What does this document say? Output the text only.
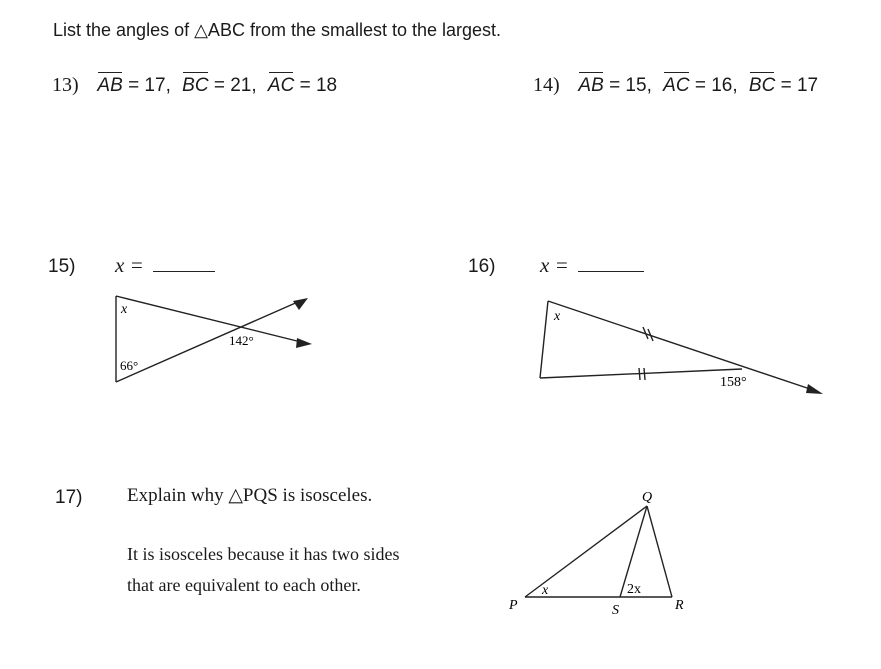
List the angles of △ABC from the smallest to the largest.
13) AB = 17, BC = 21, AC = 18	14) AB = 15, AC = 16, BC = 17
15) x =
x
66°
142°
16) x =
x
158°
17) Explain why △PQS is isosceles.
It is isosceles because it has two sides
that are equivalent to each other.
Q
P	R
S
x	2x
